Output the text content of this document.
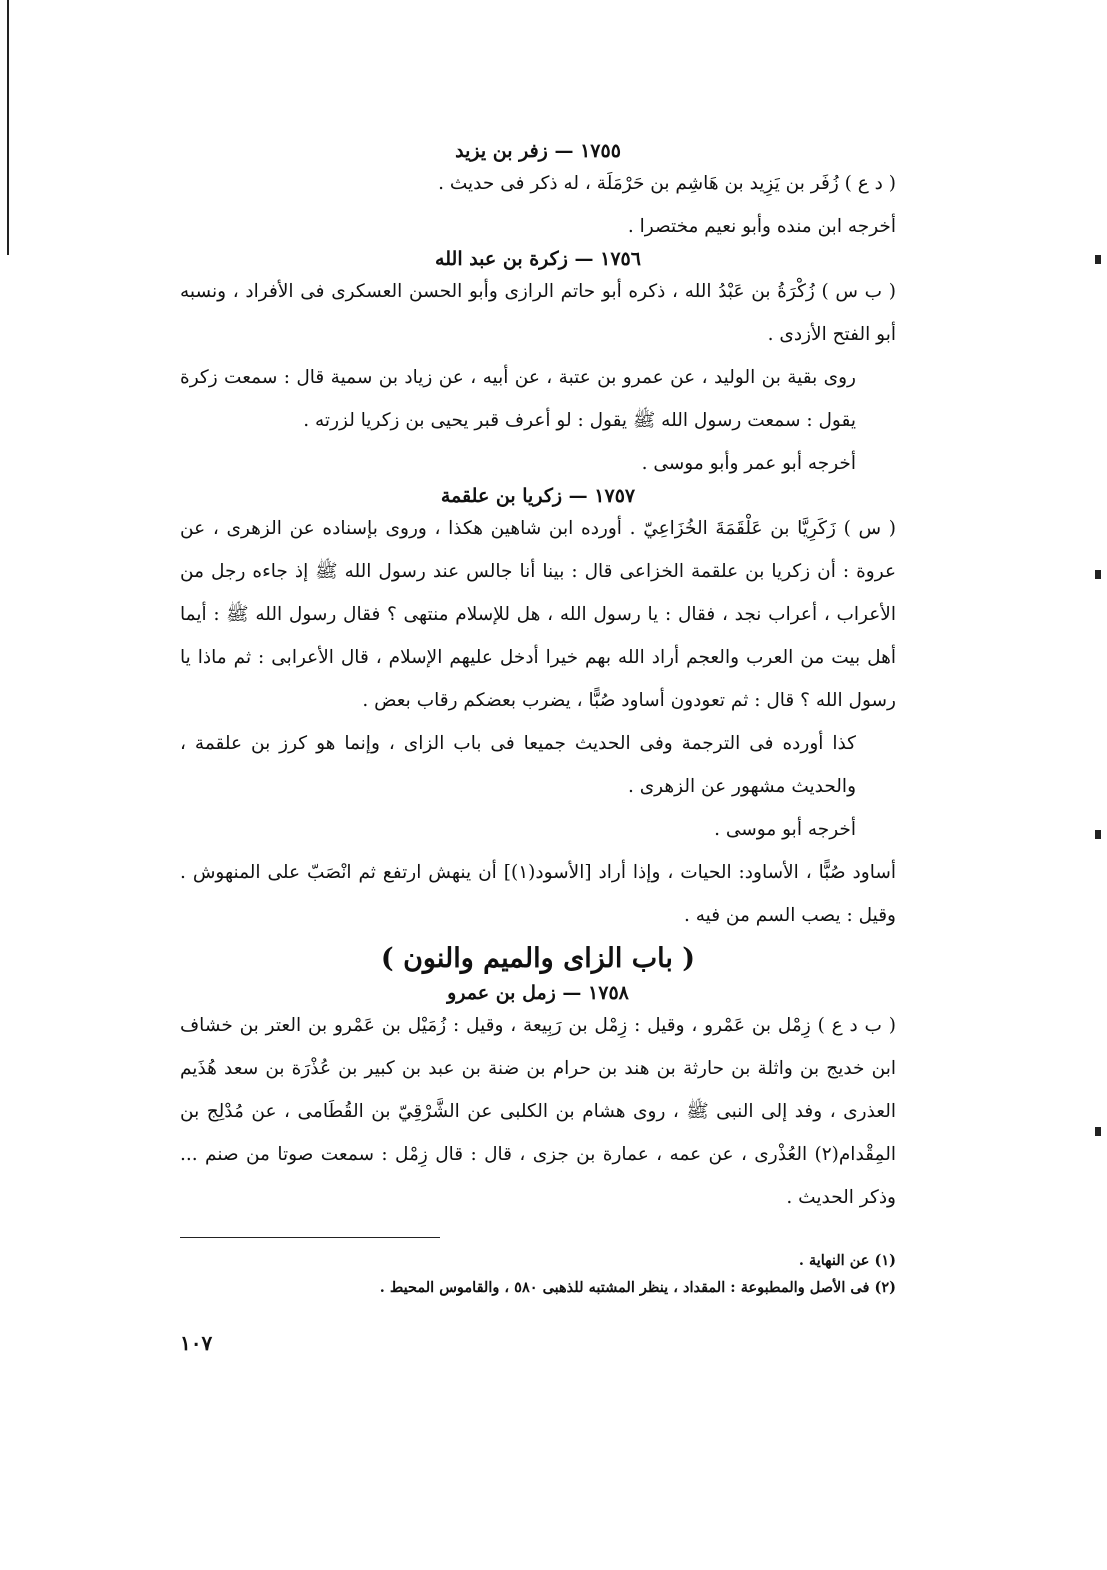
١٧٥٥ — زفر بن يزيد

( د ع ) زُفَر بن يَزِيد بن هَاشِم بن حَرْمَلَة ، له ذكر فى حديث .

أخرجه ابن منده وأبو نعيم مختصرا .

١٧٥٦ — زكرة بن عبد الله

( ب س ) زُكْرَةُ بن عَبْدُ الله ، ذكره أبو حاتم الرازى وأبو الحسن العسكرى فى الأفراد ، ونسبه أبو الفتح الأزدى .

روى بقية بن الوليد ، عن عمرو بن عتبة ، عن أبيه ، عن زياد بن سمية قال : سمعت زكرة يقول : سمعت رسول الله ﷺ يقول : لو أعرف قبر يحيى بن زكريا لزرته .

أخرجه أبو عمر وأبو موسى .

١٧٥٧ — زكريا بن علقمة

( س ) زَكَرِيَّا بن عَلْقَمَةَ الخُزَاعِيّ . أورده ابن شاهين هكذا ، وروى بإسناده عن الزهرى ، عن عروة : أن زكريا بن علقمة الخزاعى قال : بينا أنا جالس عند رسول الله ﷺ إذ جاءه رجل من الأعراب ، أعراب نجد ، فقال : يا رسول الله ، هل للإسلام منتهى ؟ فقال رسول الله ﷺ : أيما أهل بيت من العرب والعجم أراد الله بهم خيرا أدخل عليهم الإسلام ، قال الأعرابى : ثم ماذا يا رسول الله ؟ قال : ثم تعودون أساود صُبًّا ، يضرب بعضكم رقاب بعض .

كذا أورده فى الترجمة وفى الحديث جميعا فى باب الزاى ، وإنما هو كرز بن علقمة ، والحديث مشهور عن الزهرى .

أخرجه أبو موسى .

أساود صُبًّا ، الأساود: الحيات ، وإذا أراد [الأسود(١)] أن ينهش ارتفع ثم انْصَبّ على المنهوش . وقيل : يصب السم من فيه .

( باب الزاى والميم والنون )
١٧٥٨ — زمل بن عمرو

( ب د ع ) زِمْل بن عَمْرو ، وقيل : زِمْل بن رَبِيعة ، وقيل : زُمَيْل بن عَمْرو بن العتر بن خشاف ابن خديج بن واثلة بن حارثة بن هند بن حرام بن ضنة بن عبد بن كبير بن عُذْرَة بن سعد هُذَيم العذرى ، وفد إلى النبى ﷺ ، روى هشام بن الكلبى عن الشَّرْقِيّ بن القُطَامى ، عن مُدْلِج بن المِقْدام(٢) العُذْرى ، عن عمه ، عمارة بن جزى ، قال : قال زِمْل : سمعت صوتا من صنم ... وذكر الحديث .

(١) عن النهاية .
(٢) فى الأصل والمطبوعة : المقداد ، ينظر المشتبه للذهبى ٥٨٠ ، والقاموس المحيط .
١٠٧
